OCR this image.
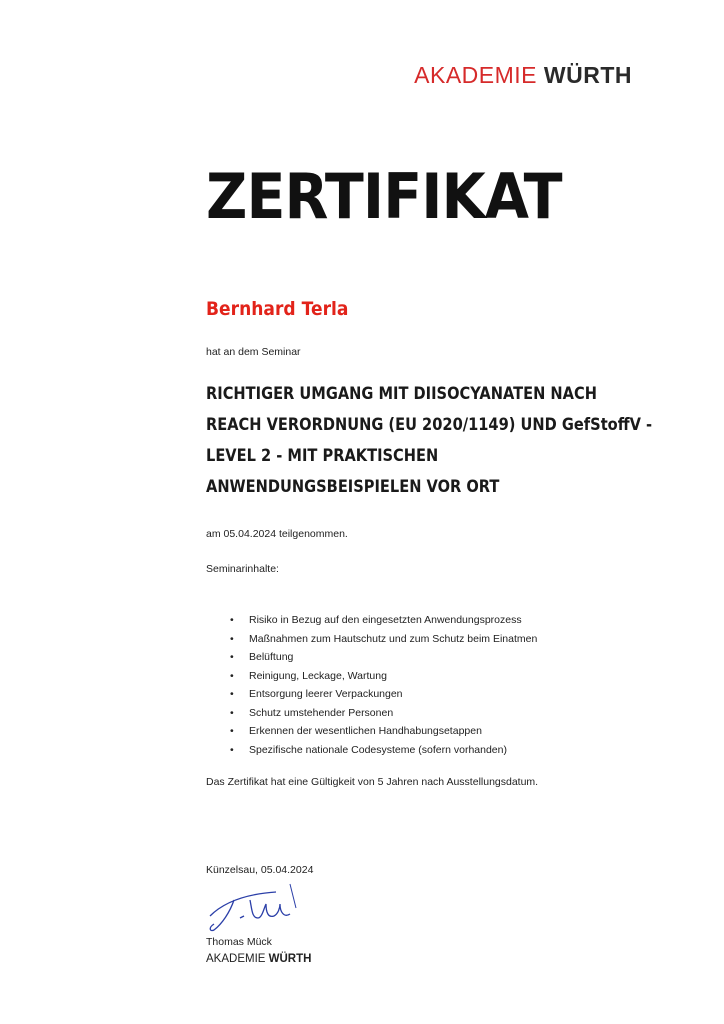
AKADEMIE WÜRTH
ZERTIFIKAT
Bernhard Terla
hat an dem Seminar

RICHTIGER UMGANG MIT DIISOCYANATEN NACH REACH VERORDNUNG (EU 2020/1149) UND GefStoffV - LEVEL 2 - MIT PRAKTISCHEN ANWENDUNGSBEISPIELEN VOR ORT

am 05.04.2024 teilgenommen.
Seminarinhalte:
• Risiko in Bezug auf den eingesetzten Anwendungsprozess
• Maßnahmen zum Hautschutz und zum Schutz beim Einatmen
• Belüftung
• Reinigung, Leckage, Wartung
• Entsorgung leerer Verpackungen
• Schutz umstehender Personen
• Erkennen der wesentlichen Handhabungsetappen
• Spezifische nationale Codesysteme (sofern vorhanden)
Das Zertifikat hat eine Gültigkeit von 5 Jahren nach Ausstellungsdatum.
Künzelsau, 05.04.2024
Thomas Mück
AKADEMIE WÜRTH
